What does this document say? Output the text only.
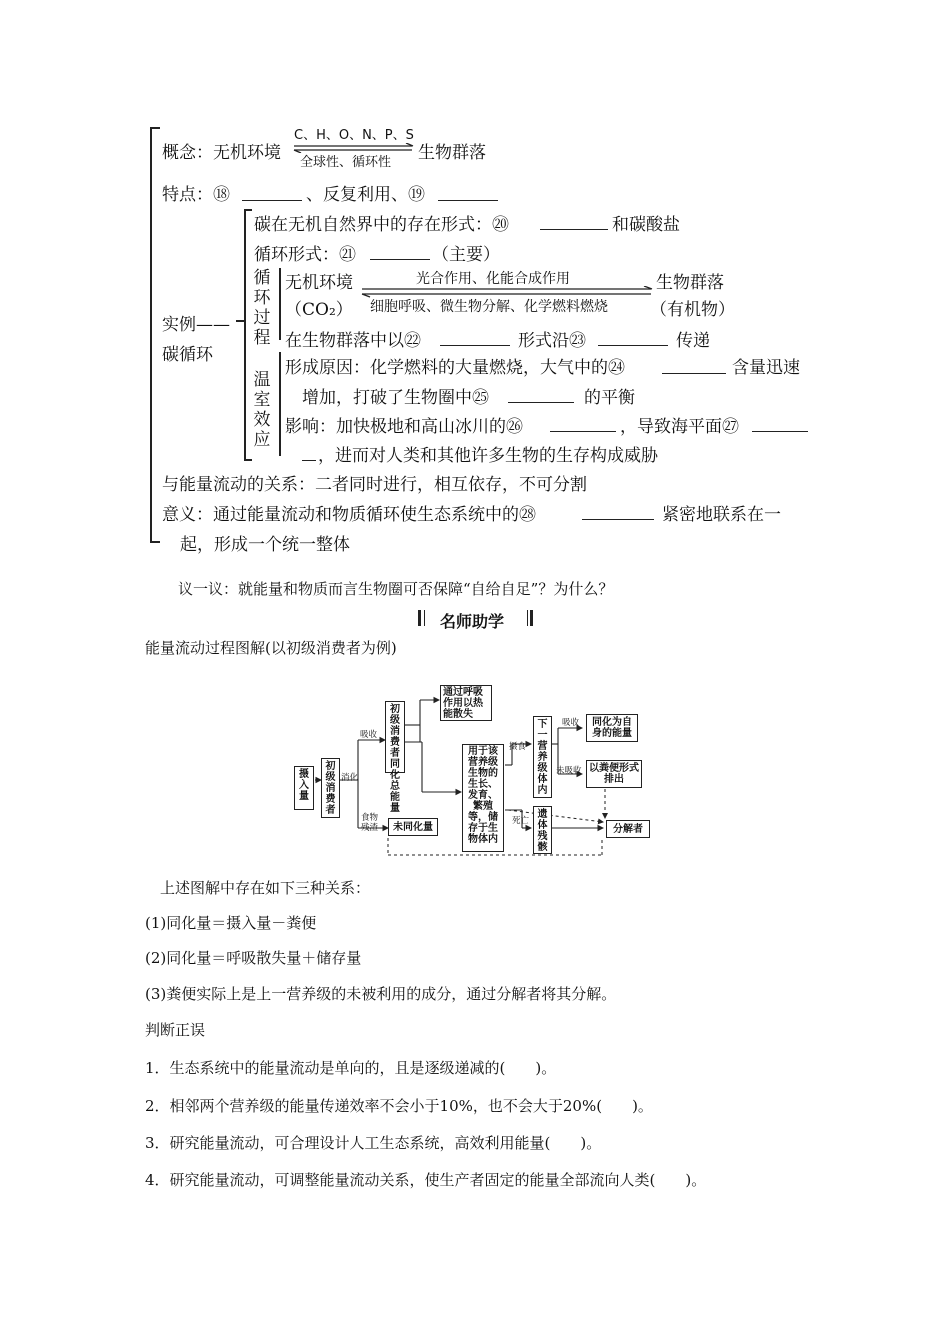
概念：无机环境
C、H、O、N、P、S
全球性、循环性 生物群落
特点：⑱	、反复利用、⑲
实例——
碳循环
碳在无机自然界中的存在形式：⑳	和碳酸盐
循环形式：㉑	（主要）
循
环
过
程
无机环境
（CO₂）
光合作用、化能合成作用
细胞呼吸、微生物分解、化学燃料燃烧
生物群落
（有机物）
在生物群落中以㉒	形式沿㉓	传递
温
室
效
应
形成原因：化学燃料的大量燃烧，大气中的㉔	含量迅速
增加，打破了生物圈中㉕	的平衡
影响：加快极地和高山冰川的㉖	，导致海平面㉗
，进而对人类和其他许多生物的生存构成威胁
与能量流动的关系：二者同时进行，相互依存，不可分割
意义：通过能量流动和物质循环使生态系统中的㉘	紧密地联系在一
起，形成一个统一整体
议一议：就能量和物质而言生物圈可否保障“自给自足”？为什么？
名师助学
能量流动过程图解(以初级消费者为例)
摄入量
初级消费者
消化
吸收
初级消费者同化总能量
通过呼吸作用以热能散失
用于该营养级生物的生长、发育、繁殖等，储存于生物体内
摄食
下一营养级体内
吸收	同化为自身的能量
未吸收 以粪便形式排出
死亡
遗体残骸
分解者
食物残渣	未同化量
上述图解中存在如下三种关系：
(1)同化量＝摄入量－粪便
(2)同化量＝呼吸散失量＋储存量
(3)粪便实际上是上一营养级的未被利用的成分，通过分解者将其分解。
判断正误
1．生态系统中的能量流动是单向的，且是逐级递减的(　　)。
2．相邻两个营养级的能量传递效率不会小于10%，也不会大于20%(　　)。
3．研究能量流动，可合理设计人工生态系统，高效利用能量(　　)。
4．研究能量流动，可调整能量流动关系，使生产者固定的能量全部流向人类(　　)。
